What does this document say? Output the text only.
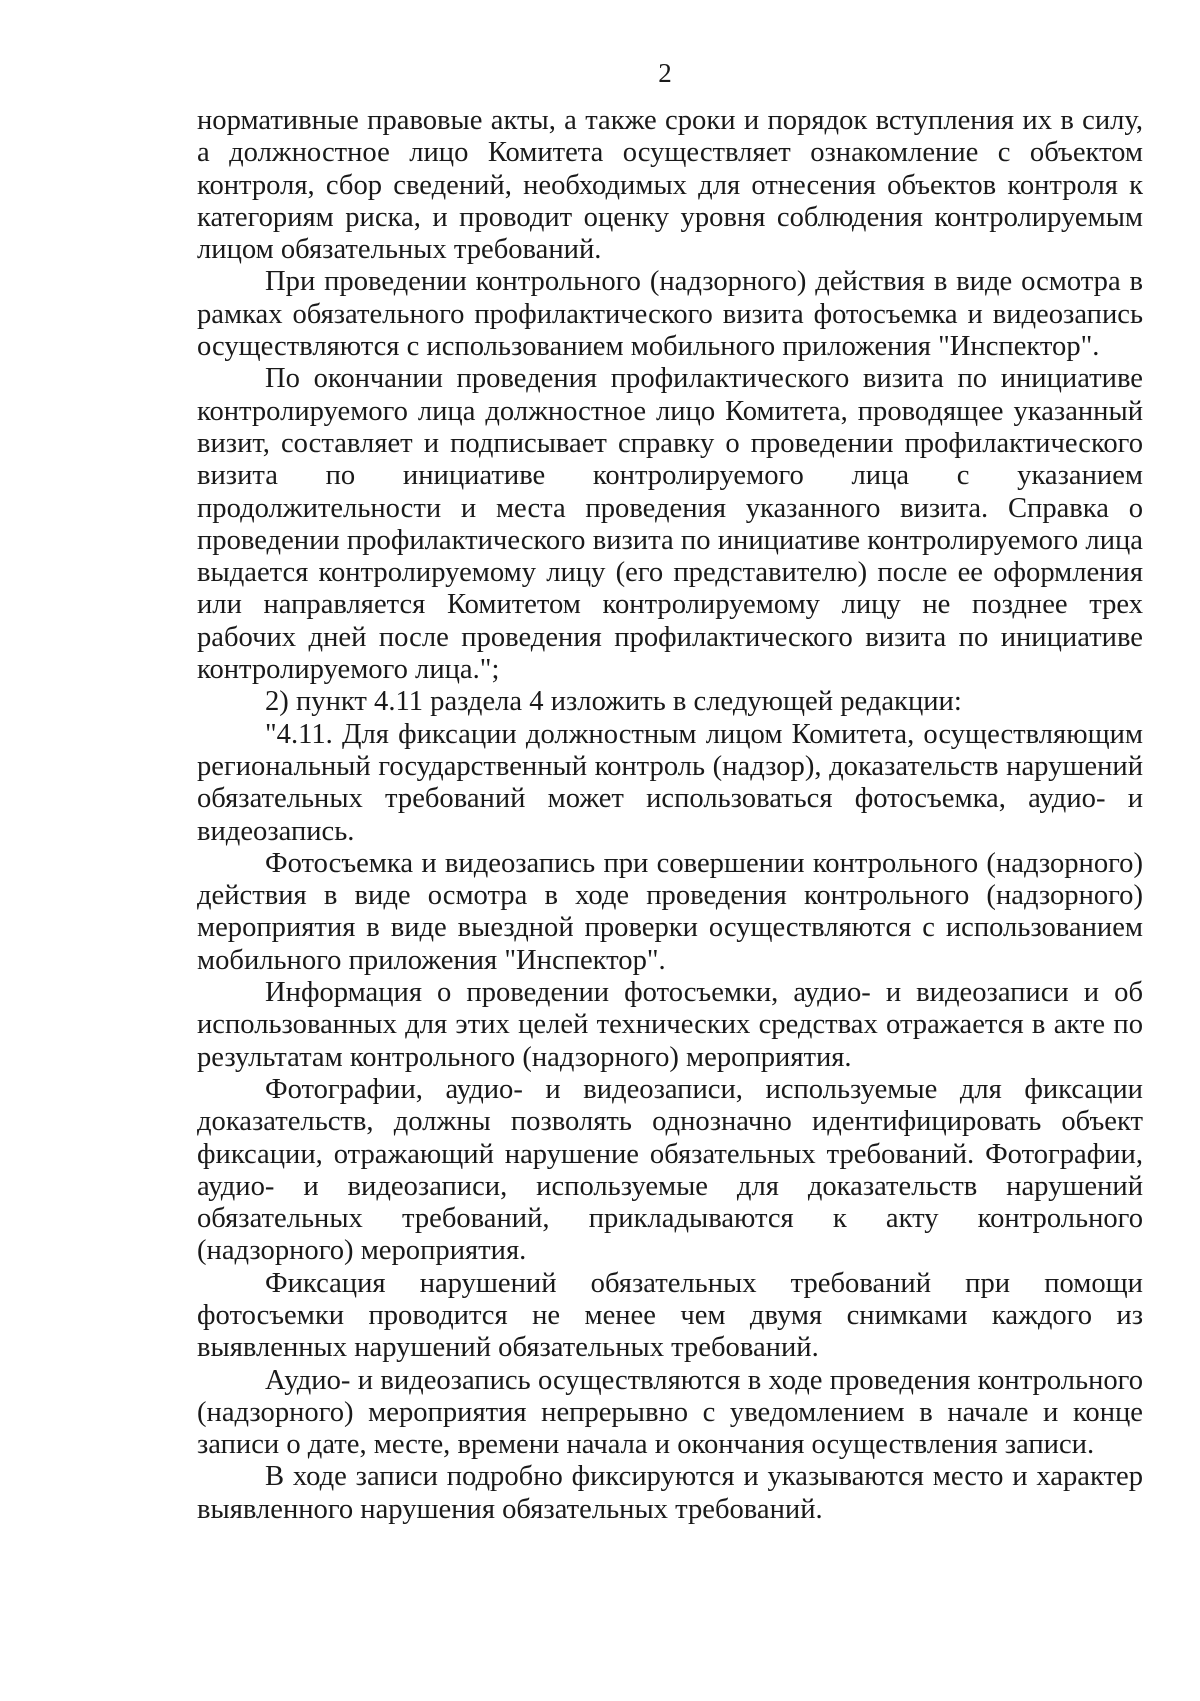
2

нормативные правовые акты, а также сроки и порядок вступления их в силу, а должностное лицо Комитета осуществляет ознакомление с объектом контроля, сбор сведений, необходимых для отнесения объектов контроля к категориям риска, и проводит оценку уровня соблюдения контролируемым лицом обязательных требований.

При проведении контрольного (надзорного) действия в виде осмотра в рамках обязательного профилактического визита фотосъемка и видеозапись осуществляются с использованием мобильного приложения "Инспектор".

По окончании проведения профилактического визита по инициативе контролируемого лица должностное лицо Комитета, проводящее указанный визит, составляет и подписывает справку о проведении профилактического визита по инициативе контролируемого лица с указанием продолжительности и места проведения указанного визита. Справка о проведении профилактического визита по инициативе контролируемого лица выдается контролируемому лицу (его представителю) после ее оформления или направляется Комитетом контролируемому лицу не позднее трех рабочих дней после проведения профилактического визита по инициативе контролируемого лица.";

2) пункт 4.11 раздела 4 изложить в следующей редакции:

"4.11. Для фиксации должностным лицом Комитета, осуществляющим региональный государственный контроль (надзор), доказательств нарушений обязательных требований может использоваться фотосъемка, аудио- и видеозапись.

Фотосъемка и видеозапись при совершении контрольного (надзорного) действия в виде осмотра в ходе проведения контрольного (надзорного) мероприятия в виде выездной проверки осуществляются с использованием мобильного приложения "Инспектор".

Информация о проведении фотосъемки, аудио- и видеозаписи и об использованных для этих целей технических средствах отражается в акте по результатам контрольного (надзорного) мероприятия.

Фотографии, аудио- и видеозаписи, используемые для фиксации доказательств, должны позволять однозначно идентифицировать объект фиксации, отражающий нарушение обязательных требований. Фотографии, аудио- и видеозаписи, используемые для доказательств нарушений обязательных требований, прикладываются к акту контрольного (надзорного) мероприятия.

Фиксация нарушений обязательных требований при помощи фотосъемки проводится не менее чем двумя снимками каждого из выявленных нарушений обязательных требований.

Аудио- и видеозапись осуществляются в ходе проведения контрольного (надзорного) мероприятия непрерывно с уведомлением в начале и конце записи о дате, месте, времени начала и окончания осуществления записи.

В ходе записи подробно фиксируются и указываются место и характер выявленного нарушения обязательных требований.
